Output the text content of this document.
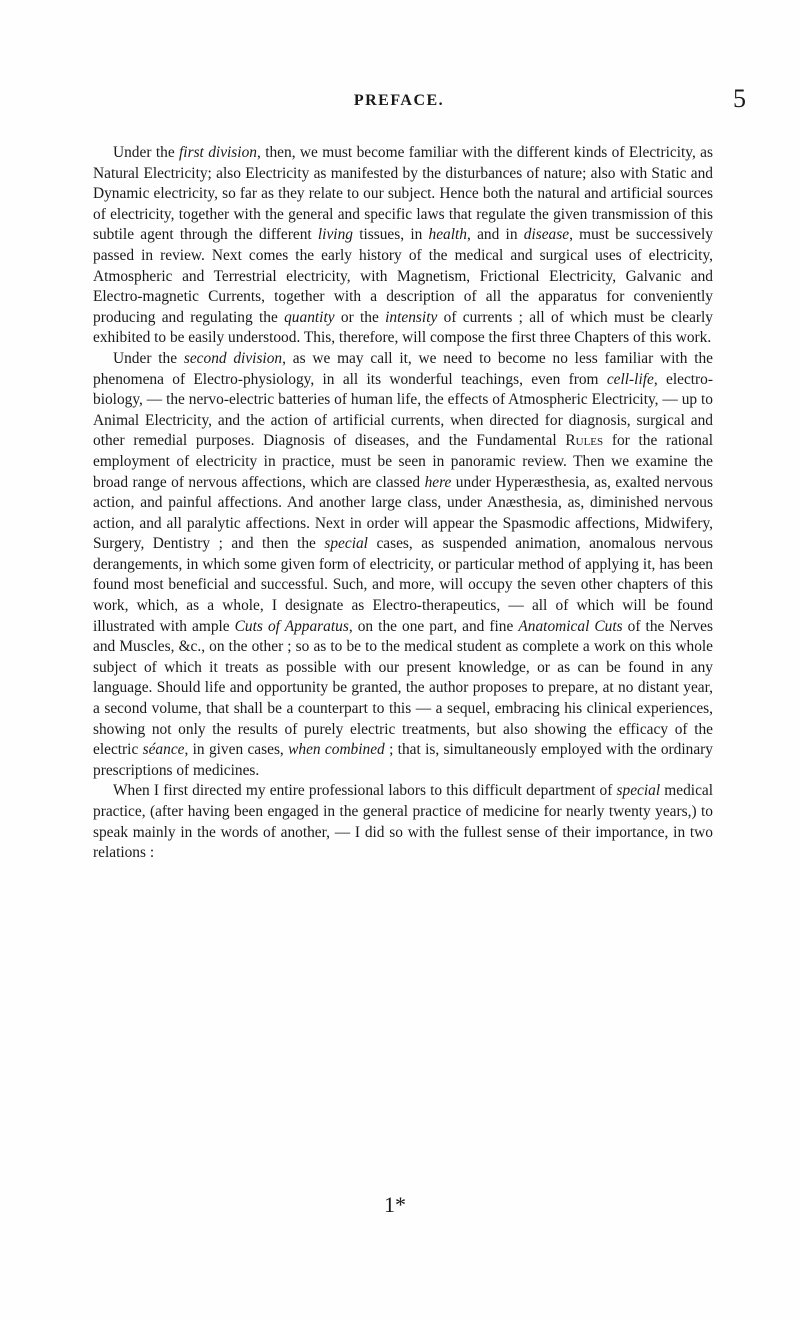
PREFACE.	5

Under the first division, then, we must become familiar with the different kinds of Electricity, as Natural Electricity; also Electricity as manifested by the disturbances of nature; also with Static and Dynamic electricity, so far as they relate to our subject. Hence both the natural and artificial sources of electricity, together with the general and specific laws that regulate the given transmission of this subtile agent through the different living tissues, in health, and in disease, must be successively passed in review. Next comes the early history of the medical and surgical uses of electricity, Atmospheric and Terrestrial electricity, with Magnetism, Frictional Electricity, Galvanic and Electro-magnetic Currents, together with a description of all the apparatus for conveniently producing and regulating the quantity or the intensity of currents ; all of which must be clearly exhibited to be easily understood. This, therefore, will compose the first three Chapters of this work.

Under the second division, as we may call it, we need to become no less familiar with the phenomena of Electro-physiology, in all its wonderful teachings, even from cell-life, electro-biology, — the nervo-electric batteries of human life, the effects of Atmospheric Electricity, — up to Animal Electricity, and the action of artificial currents, when directed for diagnosis, surgical and other remedial purposes. Diagnosis of diseases, and the Fundamental Rules for the rational employment of electricity in practice, must be seen in panoramic review. Then we examine the broad range of nervous affections, which are classed here under Hyperæsthesia, as, exalted nervous action, and painful affections. And another large class, under Anæsthesia, as, diminished nervous action, and all paralytic affections. Next in order will appear the Spasmodic affections, Midwifery, Surgery, Dentistry ; and then the special cases, as suspended animation, anomalous nervous derangements, in which some given form of electricity, or particular method of applying it, has been found most beneficial and successful. Such, and more, will occupy the seven other chapters of this work, which, as a whole, I designate as Electro-therapeutics, — all of which will be found illustrated with ample Cuts of Apparatus, on the one part, and fine Anatomical Cuts of the Nerves and Muscles, &c., on the other ; so as to be to the medical student as complete a work on this whole subject of which it treats as possible with our present knowledge, or as can be found in any language. Should life and opportunity be granted, the author proposes to prepare, at no distant year, a second volume, that shall be a counterpart to this — a sequel, embracing his clinical experiences, showing not only the results of purely electric treatments, but also showing the efficacy of the electric séance, in given cases, when combined ; that is, simultaneously employed with the ordinary prescriptions of medicines.

When I first directed my entire professional labors to this difficult department of special medical practice, (after having been engaged in the general practice of medicine for nearly twenty years,) to speak mainly in the words of another, — I did so with the fullest sense of their importance, in two relations :

1*
